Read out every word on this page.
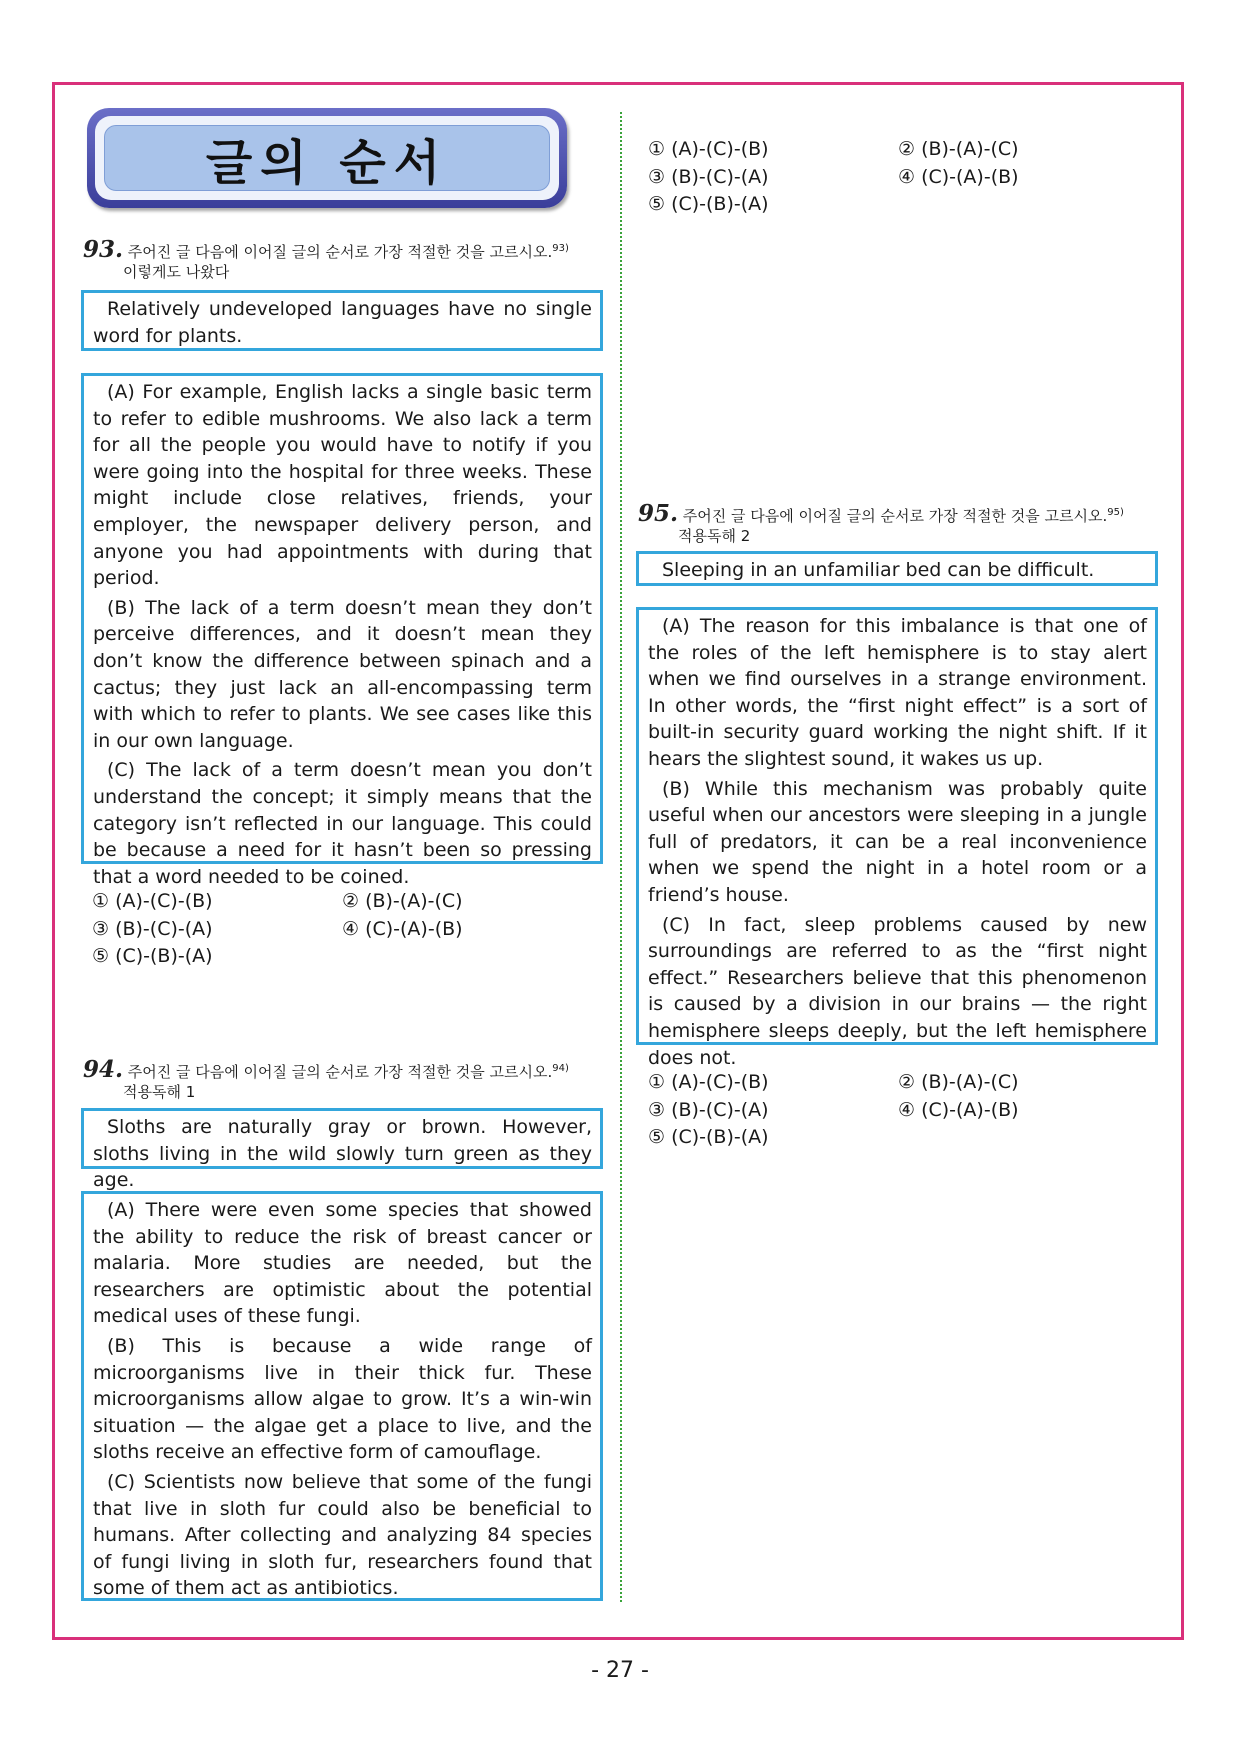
글의 순서	① (A)-(C)-(B)	② (B)-(A)-(C)
③ (B)-(C)-(A)	④ (C)-(A)-(B)
⑤ (C)-(B)-(A)
93. 주어진 글 다음에 이어질 글의 순서로 가장 적절한 것을 고르시오.$^{93)}$
이렇게도 나왔다

Relatively undeveloped languages have no single word for plants.

(A) For example, English lacks a single basic term to refer to edible mushrooms. We also lack a term for all the people you would have to notify if you were going into the hospital for three weeks. These might include close relatives, friends, your employer, the newspaper delivery person, and anyone you had appointments with during that period.

(B) The lack of a term doesn’t mean they don’t perceive differences, and it doesn’t mean they don’t know the difference between spinach and a cactus; they just lack an all-encompassing term with which to refer to plants. We see cases like this in our own language.

(C) The lack of a term doesn’t mean you don’t understand the concept; it simply means that the category isn’t reflected in our language. This could be because a need for it hasn’t been so pressing that a word needed to be coined.

① (A)-(C)-(B)	② (B)-(A)-(C)
③ (B)-(C)-(A)	④ (C)-(A)-(B)
⑤ (C)-(B)-(A)
94. 주어진 글 다음에 이어질 글의 순서로 가장 적절한 것을 고르시오.$^{94)}$
적용독해 1

Sloths are naturally gray or brown. However, sloths living in the wild slowly turn green as they age.

(A) There were even some species that showed the ability to reduce the risk of breast cancer or malaria. More studies are needed, but the researchers are optimistic about the potential medical uses of these fungi.

(B) This is because a wide range of microorganisms live in their thick fur. These microorganisms allow algae to grow. It’s a win-win situation — the algae get a place to live, and the sloths receive an effective form of camouflage.

(C) Scientists now believe that some of the fungi that live in sloth fur could also be beneficial to humans. After collecting and analyzing 84 species of fungi living in sloth fur, researchers found that some of them act as antibiotics.

95. 주어진 글 다음에 이어질 글의 순서로 가장 적절한 것을 고르시오.$^{95)}$
적용독해 2

Sleeping in an unfamiliar bed can be difficult.

(A) The reason for this imbalance is that one of the roles of the left hemisphere is to stay alert when we find ourselves in a strange environment. In other words, the “first night effect” is a sort of built-in security guard working the night shift. If it hears the slightest sound, it wakes us up.

(B) While this mechanism was probably quite useful when our ancestors were sleeping in a jungle full of predators, it can be a real inconvenience when we spend the night in a hotel room or a friend’s house.

(C) In fact, sleep problems caused by new surroundings are referred to as the “first night effect.” Researchers believe that this phenomenon is caused by a division in our brains — the right hemisphere sleeps deeply, but the left hemisphere does not.

① (A)-(C)-(B)	② (B)-(A)-(C)
③ (B)-(C)-(A)	④ (C)-(A)-(B)
⑤ (C)-(B)-(A)
- 27 -
